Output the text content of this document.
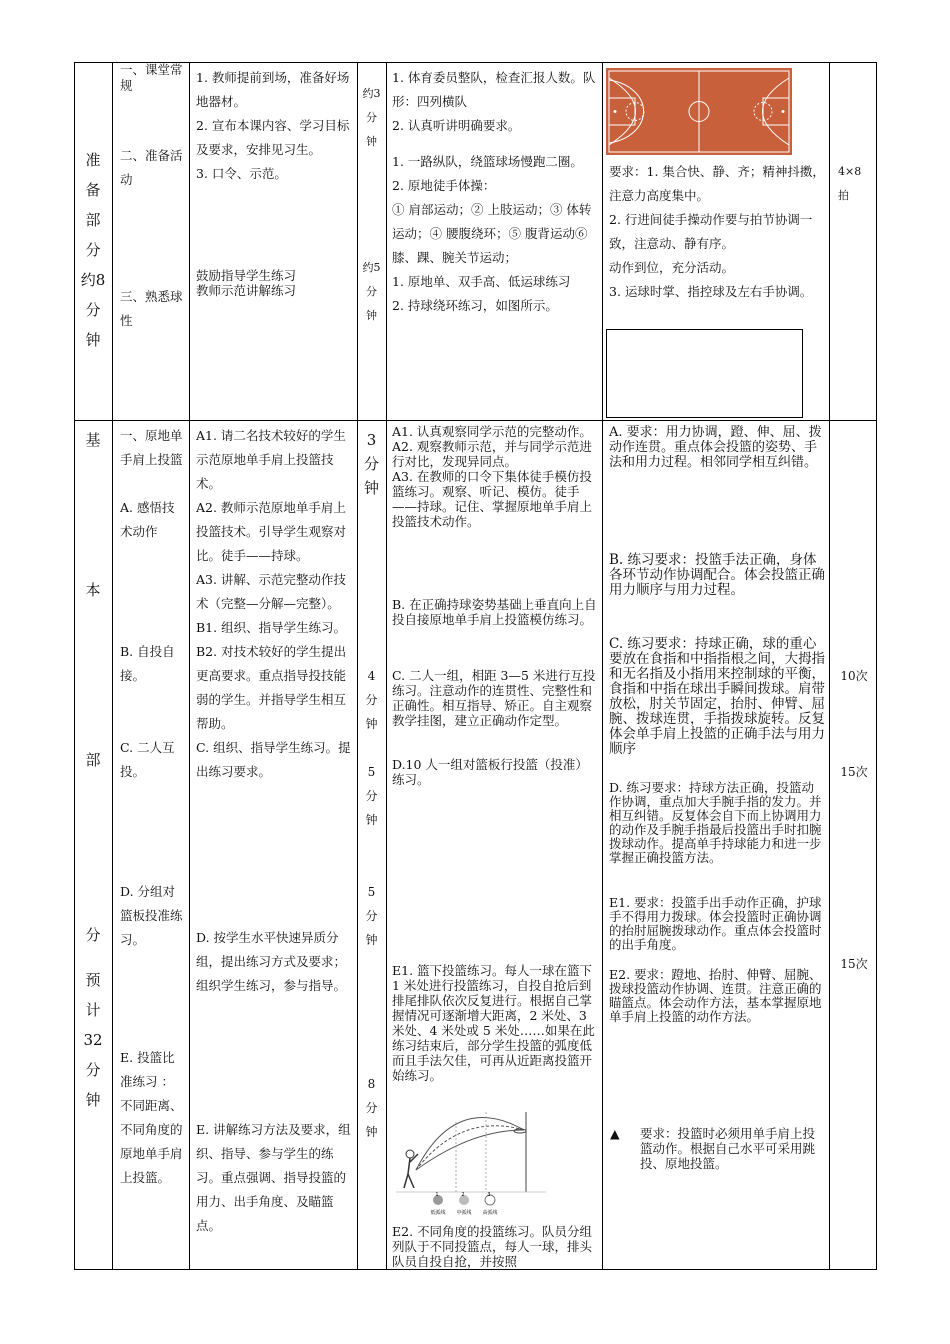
准备部分约8分钟
一、课堂常规
二、准备活动
三、熟悉球性

1. 教师提前到场，准备好场地器材。

2. 宣布本课内容、学习目标及要求，安排见习生。

3. 口令、示范。

鼓励指导学生练习

教师示范讲解练习

约3分钟
约5分钟

1. 体育委员整队，检查汇报人数。队形：四列横队

2. 认真听讲明确要求。

1. 一路纵队，绕篮球场慢跑二圈。

2. 原地徒手体操：

① 肩部运动；② 上肢运动；③ 体转运动；④ 腰腹绕环；⑤ 腹背运动⑥ 膝、踝、腕关节运动；

1. 原地单、双手高、低运球练习

2. 持球绕环练习，如图所示。

要求：1. 集合快、静、齐；精神抖擞，注意力高度集中。

2. 行进间徒手操动作要与拍节协调一致，注意动、静有序。

动作到位，充分活动。

3. 运球时掌、指控球及左右手协调。

4×8拍
基
本
部
分
预计32分钟
一、原地单手肩上投篮
A. 感悟技术动作
B. 自投自接。
C. 二人互投。
D. 分组对篮板投准练习。
E. 投篮比准练习 ：不同距离、不同角度的原地单手肩上投篮。

A1. 请二名技术较好的学生示范原地单手肩上投篮技术。

A2. 教师示范原地单手肩上投篮技术。引导学生观察对比。徒手——持球。

A3. 讲解、示范完整动作技术（完整—分解—完整）。

B1. 组织、指导学生练习。

B2. 对技术较好的学生提出更高要求。重点指导投技能弱的学生。并指导学生相互帮助。

C. 组织、指导学生练习。提出练习要求。

D. 按学生水平快速异质分组，提出练习方式及要求；组织学生练习，参与指导。
E. 讲解练习方法及要求，组织、指导、参与学生的练习。重点强调、指导投篮的用力、出手角度、及瞄篮点。
3分钟
4分钟
5分钟
5分钟
8分钟

A1. 认真观察同学示范的完整动作。

A2. 观察教师示范，并与同学示范进行对比，发现异同点。

A3. 在教师的口令下集体徒手模仿投篮练习。观察、听记、模仿。徒手——持球。记住、掌握原地单手肩上投篮技术动作。

B. 在正确持球姿势基础上垂直向上自投自接原地单手肩上投篮模仿练习。
C. 二人一组，相距 3—5 米进行互投练习。注意动作的连贯性、完整性和正确性。相互指导、矫正。自主观察教学挂图，建立正确动作定型。
D.10 人一组对篮板行投篮（投准）练习。
E1. 篮下投篮练习。每人一球在篮下 1 米处进行投篮练习，自投自抢后到排尾排队依次反复进行。根据自己掌握情况可逐渐增大距离，2 米处、3 米处、4 米处或 5 米处……如果在此练习结束后，部分学生投篮的弧度低而且手法欠佳，可再从近距离投篮开始练习。
2	3
1
低弧线 中弧线 高弧线
E2. 不同角度的投篮练习。队员分组列队于不同投篮点，每人一球，排头队员自投自抢，并按照
A. 要求：用力协调，蹬、伸、屈、拨动作连贯。重点体会投篮的姿势、手法和用力过程。相邻同学相互纠错。
B. 练习要求：投篮手法正确，身体各环节动作协调配合。体会投篮正确用力顺序与用力过程。
C. 练习要求：持球正确，球的重心要放在食指和中指指根之间，大拇指和无名指及小指用来控制球的平衡，食指和中指在球出手瞬间拨球。肩带放松，肘关节固定，抬肘、伸臂、屈腕、拨球连贯，手指拨球旋转。反复体会单手肩上投篮的正确手法与用力顺序
D. 练习要求：持球方法正确，投篮动作协调，重点加大手腕手指的发力。并相互纠错。反复体会自下而上协调用力的动作及手腕手指最后投篮出手时扣腕拨球动作。提高单手持球能力和进一步掌握正确投篮方法。
E1. 要求：投篮手出手动作正确，护球手不得用力拨球。体会投篮时正确协调的抬肘屈腕拨球动作。重点体会投篮时的出手角度。
E2. 要求：蹬地、抬肘、伸臂、屈腕、拨球投篮动作协调、连贯。注意正确的瞄篮点。体会动作方法，基本掌握原地单手肩上投篮的动作方法。
▲	要求：投篮时必须用单手肩上投篮动作。根据自己水平可采用跳投、原地投篮。
10次
15次
15次
